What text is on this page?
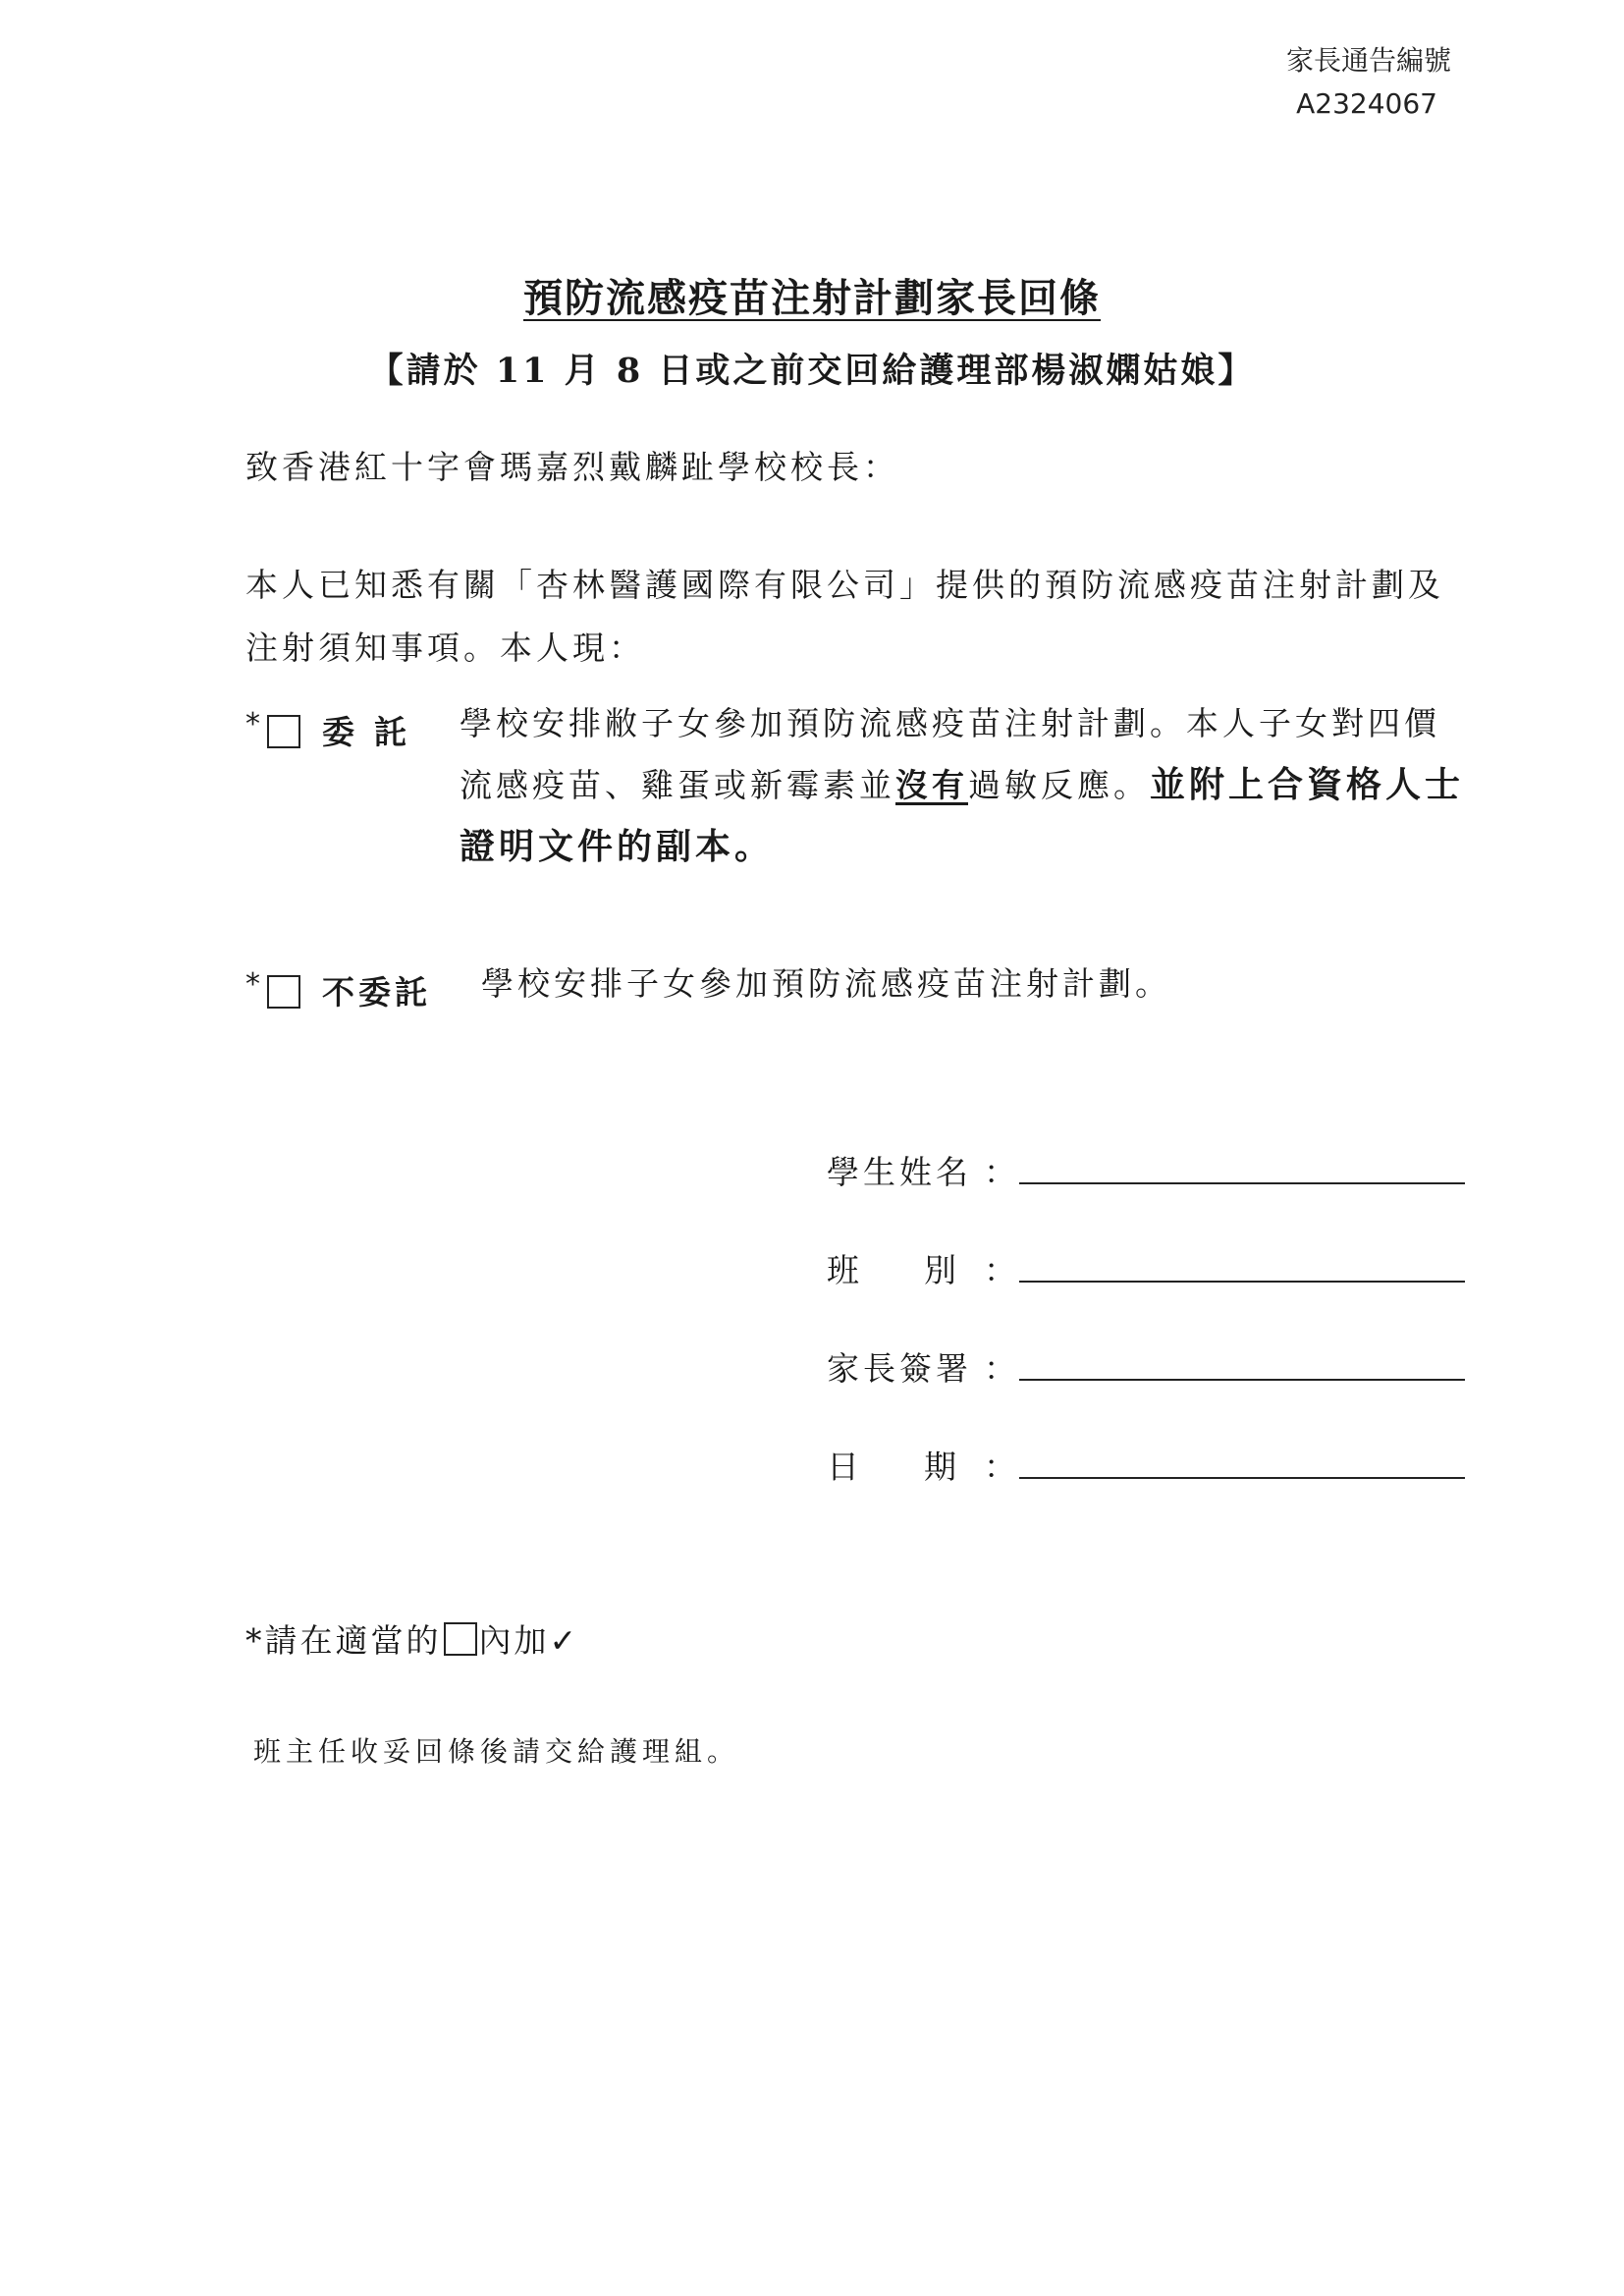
家長通告編號
A2324067
預防流感疫苗注射計劃家長回條
【請於 11 月 8 日或之前交回給護理部楊淑嫻姑娘】
致香港紅十字會瑪嘉烈戴麟趾學校校長：
本人已知悉有關「杏林醫護國際有限公司」提供的預防流感疫苗注射計劃及注射須知事項。本人現：
* 委託 學校安排敝子女參加預防流感疫苗注射計劃。本人子女對四價流感疫苗、雞蛋或新霉素並沒有過敏反應。並附上合資格人士證明文件的副本。
* 不委託 學校安排子女參加預防流感疫苗注射計劃。
學生姓名 ：
班 別 ：
家長簽署 ：
日 期 ：
*請在適當的 內加✓
班主任收妥回條後請交給護理組。
